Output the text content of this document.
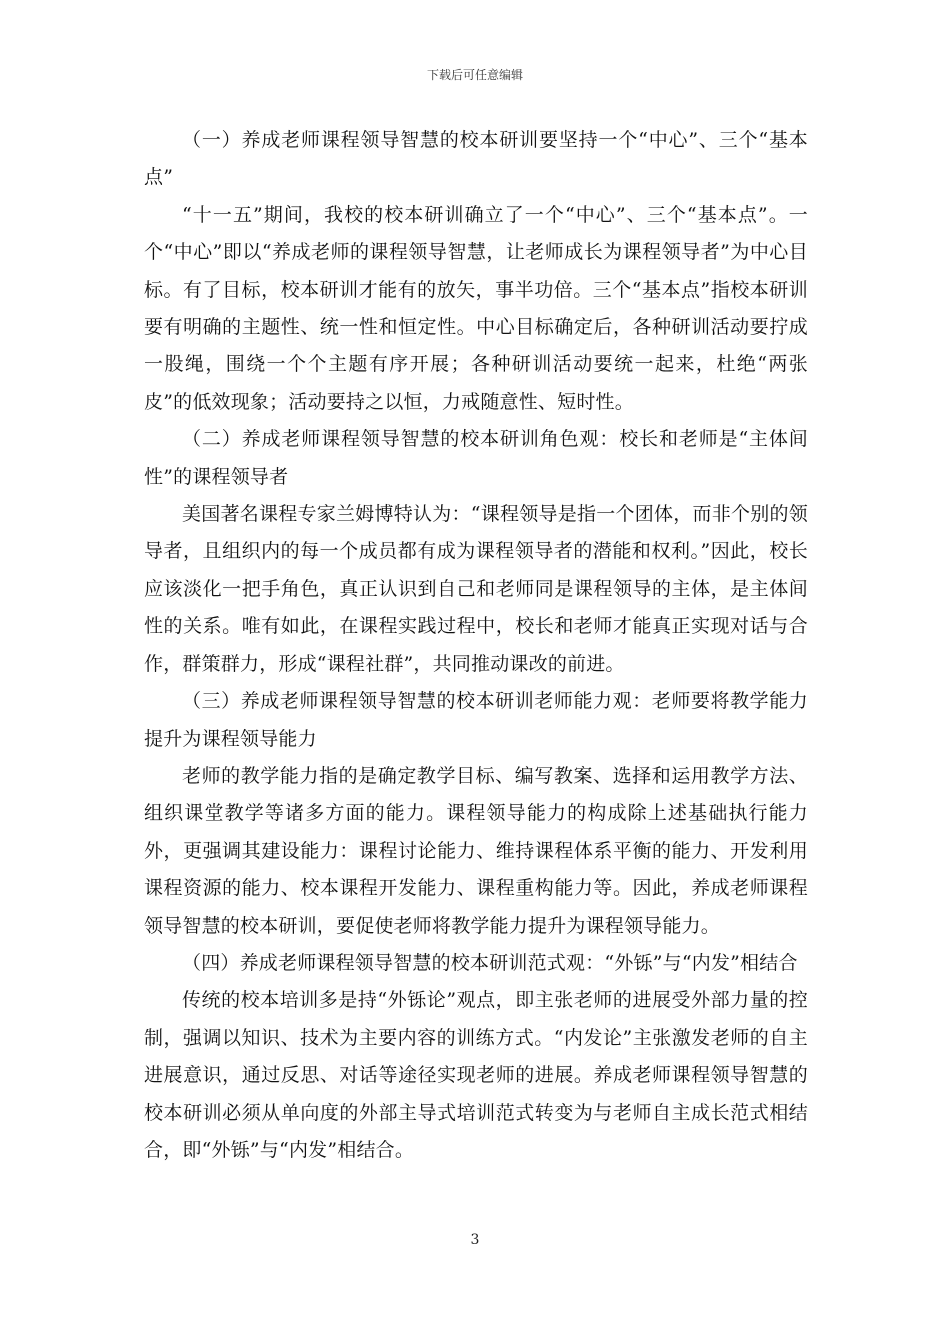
下载后可任意编辑

（一）养成老师课程领导智慧的校本研训要坚持一个“中心”、三个“基本点”

“十一五”期间，我校的校本研训确立了一个“中心”、三个“基本点”。一个“中心”即以“养成老师的课程领导智慧，让老师成长为课程领导者”为中心目标。有了目标，校本研训才能有的放矢，事半功倍。三个“基本点”指校本研训要有明确的主题性、统一性和恒定性。中心目标确定后，各种研训活动要拧成一股绳，围绕一个个主题有序开展；各种研训活动要统一起来，杜绝“两张皮”的低效现象；活动要持之以恒，力戒随意性、短时性。

（二）养成老师课程领导智慧的校本研训角色观：校长和老师是“主体间性”的课程领导者

美国著名课程专家兰姆博特认为：“课程领导是指一个团体，而非个别的领导者，且组织内的每一个成员都有成为课程领导者的潜能和权利。”因此，校长应该淡化一把手角色，真正认识到自己和老师同是课程领导的主体，是主体间性的关系。唯有如此，在课程实践过程中，校长和老师才能真正实现对话与合作，群策群力，形成“课程社群”，共同推动课改的前进。

（三）养成老师课程领导智慧的校本研训老师能力观：老师要将教学能力提升为课程领导能力

老师的教学能力指的是确定教学目标、编写教案、选择和运用教学方法、组织课堂教学等诸多方面的能力。课程领导能力的构成除上述基础执行能力外，更强调其建设能力：课程讨论能力、维持课程体系平衡的能力、开发利用课程资源的能力、校本课程开发能力、课程重构能力等。因此，养成老师课程领导智慧的校本研训，要促使老师将教学能力提升为课程领导能力。

（四）养成老师课程领导智慧的校本研训范式观：“外铄”与“内发”相结合

传统的校本培训多是持“外铄论”观点，即主张老师的进展受外部力量的控制，强调以知识、技术为主要内容的训练方式。“内发论”主张激发老师的自主进展意识，通过反思、对话等途径实现老师的进展。养成老师课程领导智慧的校本研训必须从单向度的外部主导式培训范式转变为与老师自主成长范式相结合，即“外铄”与“内发”相结合。

3
